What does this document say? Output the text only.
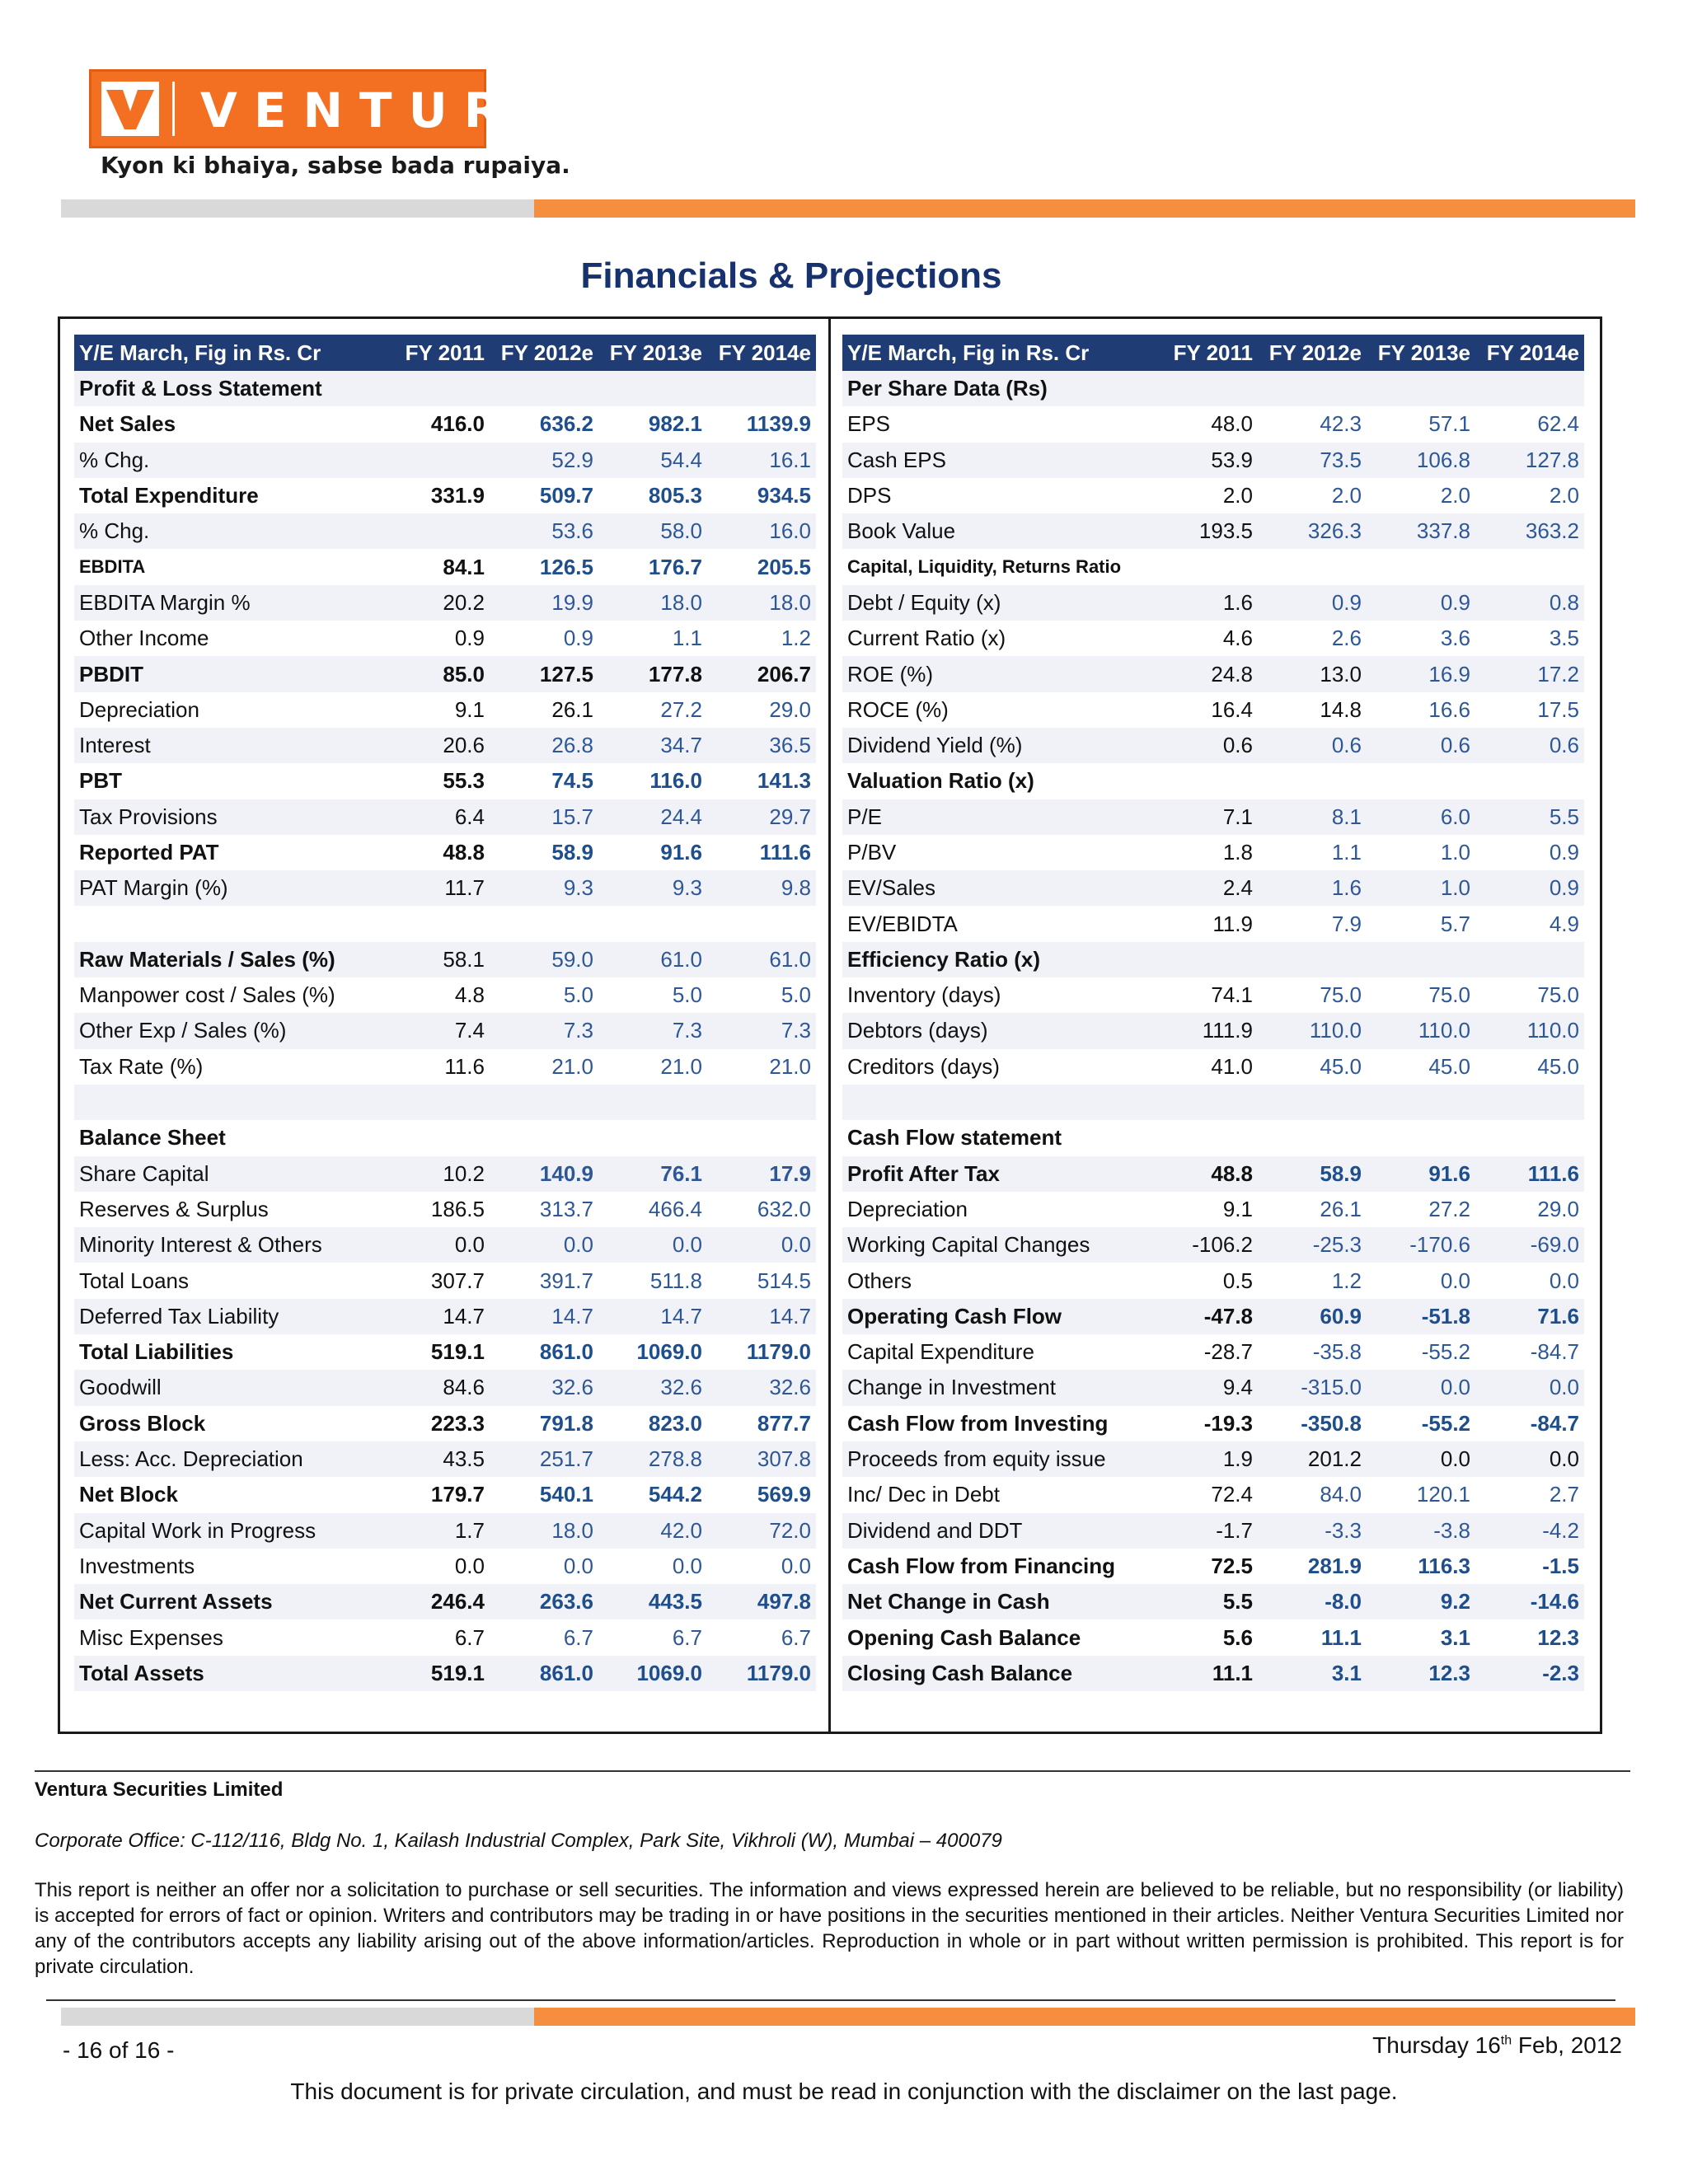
VENTURA
Kyon ki bhaiya, sabse bada rupaiya.
Financials & Projections
Y/E March, Fig in Rs. Cr	FY 2011	FY 2012e	FY 2013e	FY 2014e
Profit & Loss Statement				
Net Sales	416.0	636.2	982.1	1139.9
% Chg.		52.9	54.4	16.1
Total Expenditure	331.9	509.7	805.3	934.5
% Chg.		53.6	58.0	16.0
EBDITA	84.1	126.5	176.7	205.5
EBDITA Margin %	20.2	19.9	18.0	18.0
Other Income	0.9	0.9	1.1	1.2
PBDIT	85.0	127.5	177.8	206.7
Depreciation	9.1	26.1	27.2	29.0
Interest	20.6	26.8	34.7	36.5
PBT	55.3	74.5	116.0	141.3
Tax Provisions	6.4	15.7	24.4	29.7
Reported PAT	48.8	58.9	91.6	111.6
PAT Margin (%)	11.7	9.3	9.3	9.8

Raw Materials / Sales (%)	58.1	59.0	61.0	61.0
Manpower cost / Sales (%)	4.8	5.0	5.0	5.0
Other Exp / Sales (%)	7.4	7.3	7.3	7.3
Tax Rate (%)	11.6	21.0	21.0	21.0

Balance Sheet				
Share Capital	10.2	140.9	76.1	17.9
Reserves & Surplus	186.5	313.7	466.4	632.0
Minority Interest & Others	0.0	0.0	0.0	0.0
Total Loans	307.7	391.7	511.8	514.5
Deferred Tax Liability	14.7	14.7	14.7	14.7
Total Liabilities	519.1	861.0	1069.0	1179.0
Goodwill	84.6	32.6	32.6	32.6
Gross Block	223.3	791.8	823.0	877.7
Less: Acc. Depreciation	43.5	251.7	278.8	307.8
Net Block	179.7	540.1	544.2	569.9
Capital Work in Progress	1.7	18.0	42.0	72.0
Investments	0.0	0.0	0.0	0.0
Net Current Assets	246.4	263.6	443.5	497.8
Misc Expenses	6.7	6.7	6.7	6.7
Total Assets	519.1	861.0	1069.0	1179.0
Y/E March, Fig in Rs. Cr	FY 2011	FY 2012e	FY 2013e	FY 2014e
Per Share Data (Rs)				
EPS	48.0	42.3	57.1	62.4
Cash EPS	53.9	73.5	106.8	127.8
DPS	2.0	2.0	2.0	2.0
Book Value	193.5	326.3	337.8	363.2
Capital, Liquidity, Returns Ratio				
Debt / Equity (x)	1.6	0.9	0.9	0.8
Current Ratio (x)	4.6	2.6	3.6	3.5
ROE (%)	24.8	13.0	16.9	17.2
ROCE (%)	16.4	14.8	16.6	17.5
Dividend Yield (%)	0.6	0.6	0.6	0.6
Valuation Ratio (x)				
P/E	7.1	8.1	6.0	5.5
P/BV	1.8	1.1	1.0	0.9
EV/Sales	2.4	1.6	1.0	0.9
EV/EBIDTA	11.9	7.9	5.7	4.9
Efficiency Ratio (x)				
Inventory (days)	74.1	75.0	75.0	75.0
Debtors (days)	111.9	110.0	110.0	110.0
Creditors (days)	41.0	45.0	45.0	45.0

Cash Flow statement				
Profit After Tax	48.8	58.9	91.6	111.6
Depreciation	9.1	26.1	27.2	29.0
Working Capital Changes	-106.2	-25.3	-170.6	-69.0
Others	0.5	1.2	0.0	0.0
Operating Cash Flow	-47.8	60.9	-51.8	71.6
Capital Expenditure	-28.7	-35.8	-55.2	-84.7
Change in Investment	9.4	-315.0	0.0	0.0
Cash Flow from Investing	-19.3	-350.8	-55.2	-84.7
Proceeds from equity issue	1.9	201.2	0.0	0.0
Inc/ Dec in Debt	72.4	84.0	120.1	2.7
Dividend and DDT	-1.7	-3.3	-3.8	-4.2
Cash Flow from Financing	72.5	281.9	116.3	-1.5
Net Change in Cash	5.5	-8.0	9.2	-14.6
Opening Cash Balance	5.6	11.1	3.1	12.3
Closing Cash Balance	11.1	3.1	12.3	-2.3
Ventura Securities Limited
Corporate Office: C-112/116, Bldg No. 1, Kailash Industrial Complex, Park Site, Vikhroli (W), Mumbai – 400079
This report is neither an offer nor a solicitation to purchase or sell securities. The information and views expressed herein are believed to be reliable, but no responsibility (or liability) is accepted for errors of fact or opinion. Writers and contributors may be trading in or have positions in the securities mentioned in their articles. Neither Ventura Securities Limited nor any of the contributors accepts any liability arising out of the above information/articles. Reproduction in whole or in part without written permission is prohibited. This report is for private circulation.
- 16 of 16 -	Thursday 16th Feb, 2012
This document is for private circulation, and must be read in conjunction with the disclaimer on the last page.
